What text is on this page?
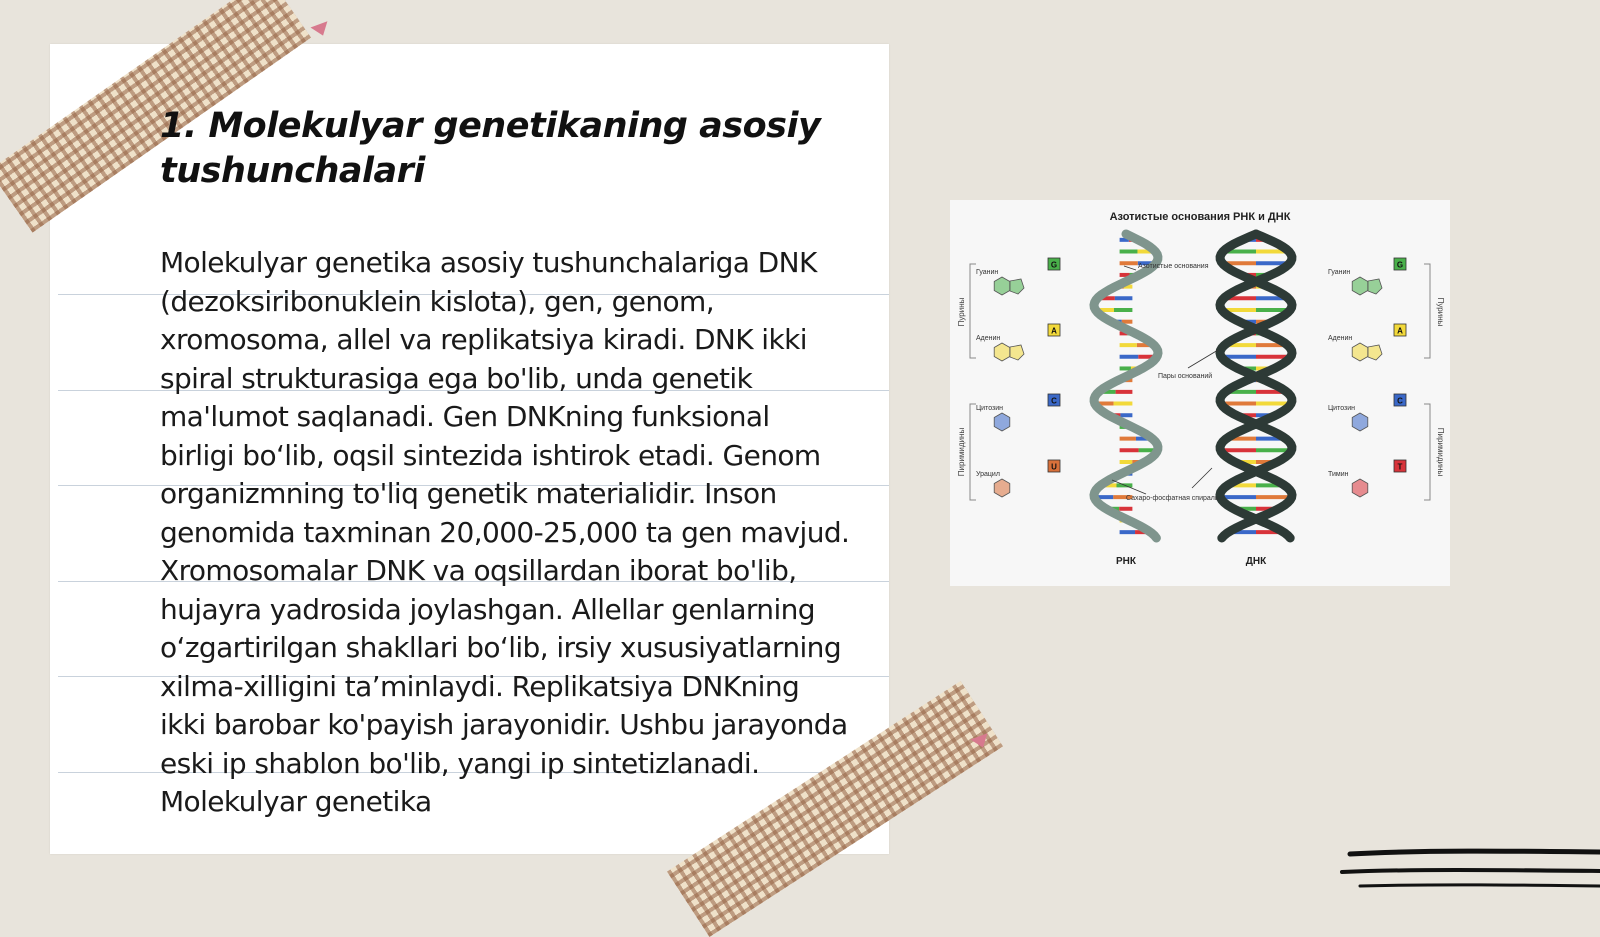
1. Molekulyar genetikaning asosiy tushunchalari

Molekulyar genetika asosiy tushunchalariga DNK (dezoksiribonuklein kislota), gen, genom, xromosoma, allel va replikatsiya kiradi. DNK ikki spiral strukturasiga ega bo'lib, unda genetik ma'lumot saqlanadi. Gen DNKning funksional birligi bo‘lib, oqsil sintezida ishtirok etadi. Genom organizmning to'liq genetik materialidir. Inson genomida taxminan 20,000-25,000 ta gen mavjud. Xromosomalar DNK va oqsillardan iborat bo'lib, hujayra yadrosida joylashgan. Allellar genlarning o‘zgartirilgan shakllari bo‘lib, irsiy xususiyatlarning xilma-xilligini ta’minlaydi. Replikatsiya DNKning ikki barobar ko'payish jarayonidir. Ushbu jarayonda eski ip shablon bo'lib, yangi ip sintetizlanadi. Molekulyar genetika

Азотистые основания РНК и ДНК
Пурины
Пиримидины
Пурины
Пиримидины
Гуанин
G
Аденин
A
Цитозин
C
Урацил
U
Гуанин
G
Аденин
A
Цитозин
C
Тимин
T
Азотистые основания
Пары оснований
Сахаро-фосфатная спираль
РНК	ДНК
